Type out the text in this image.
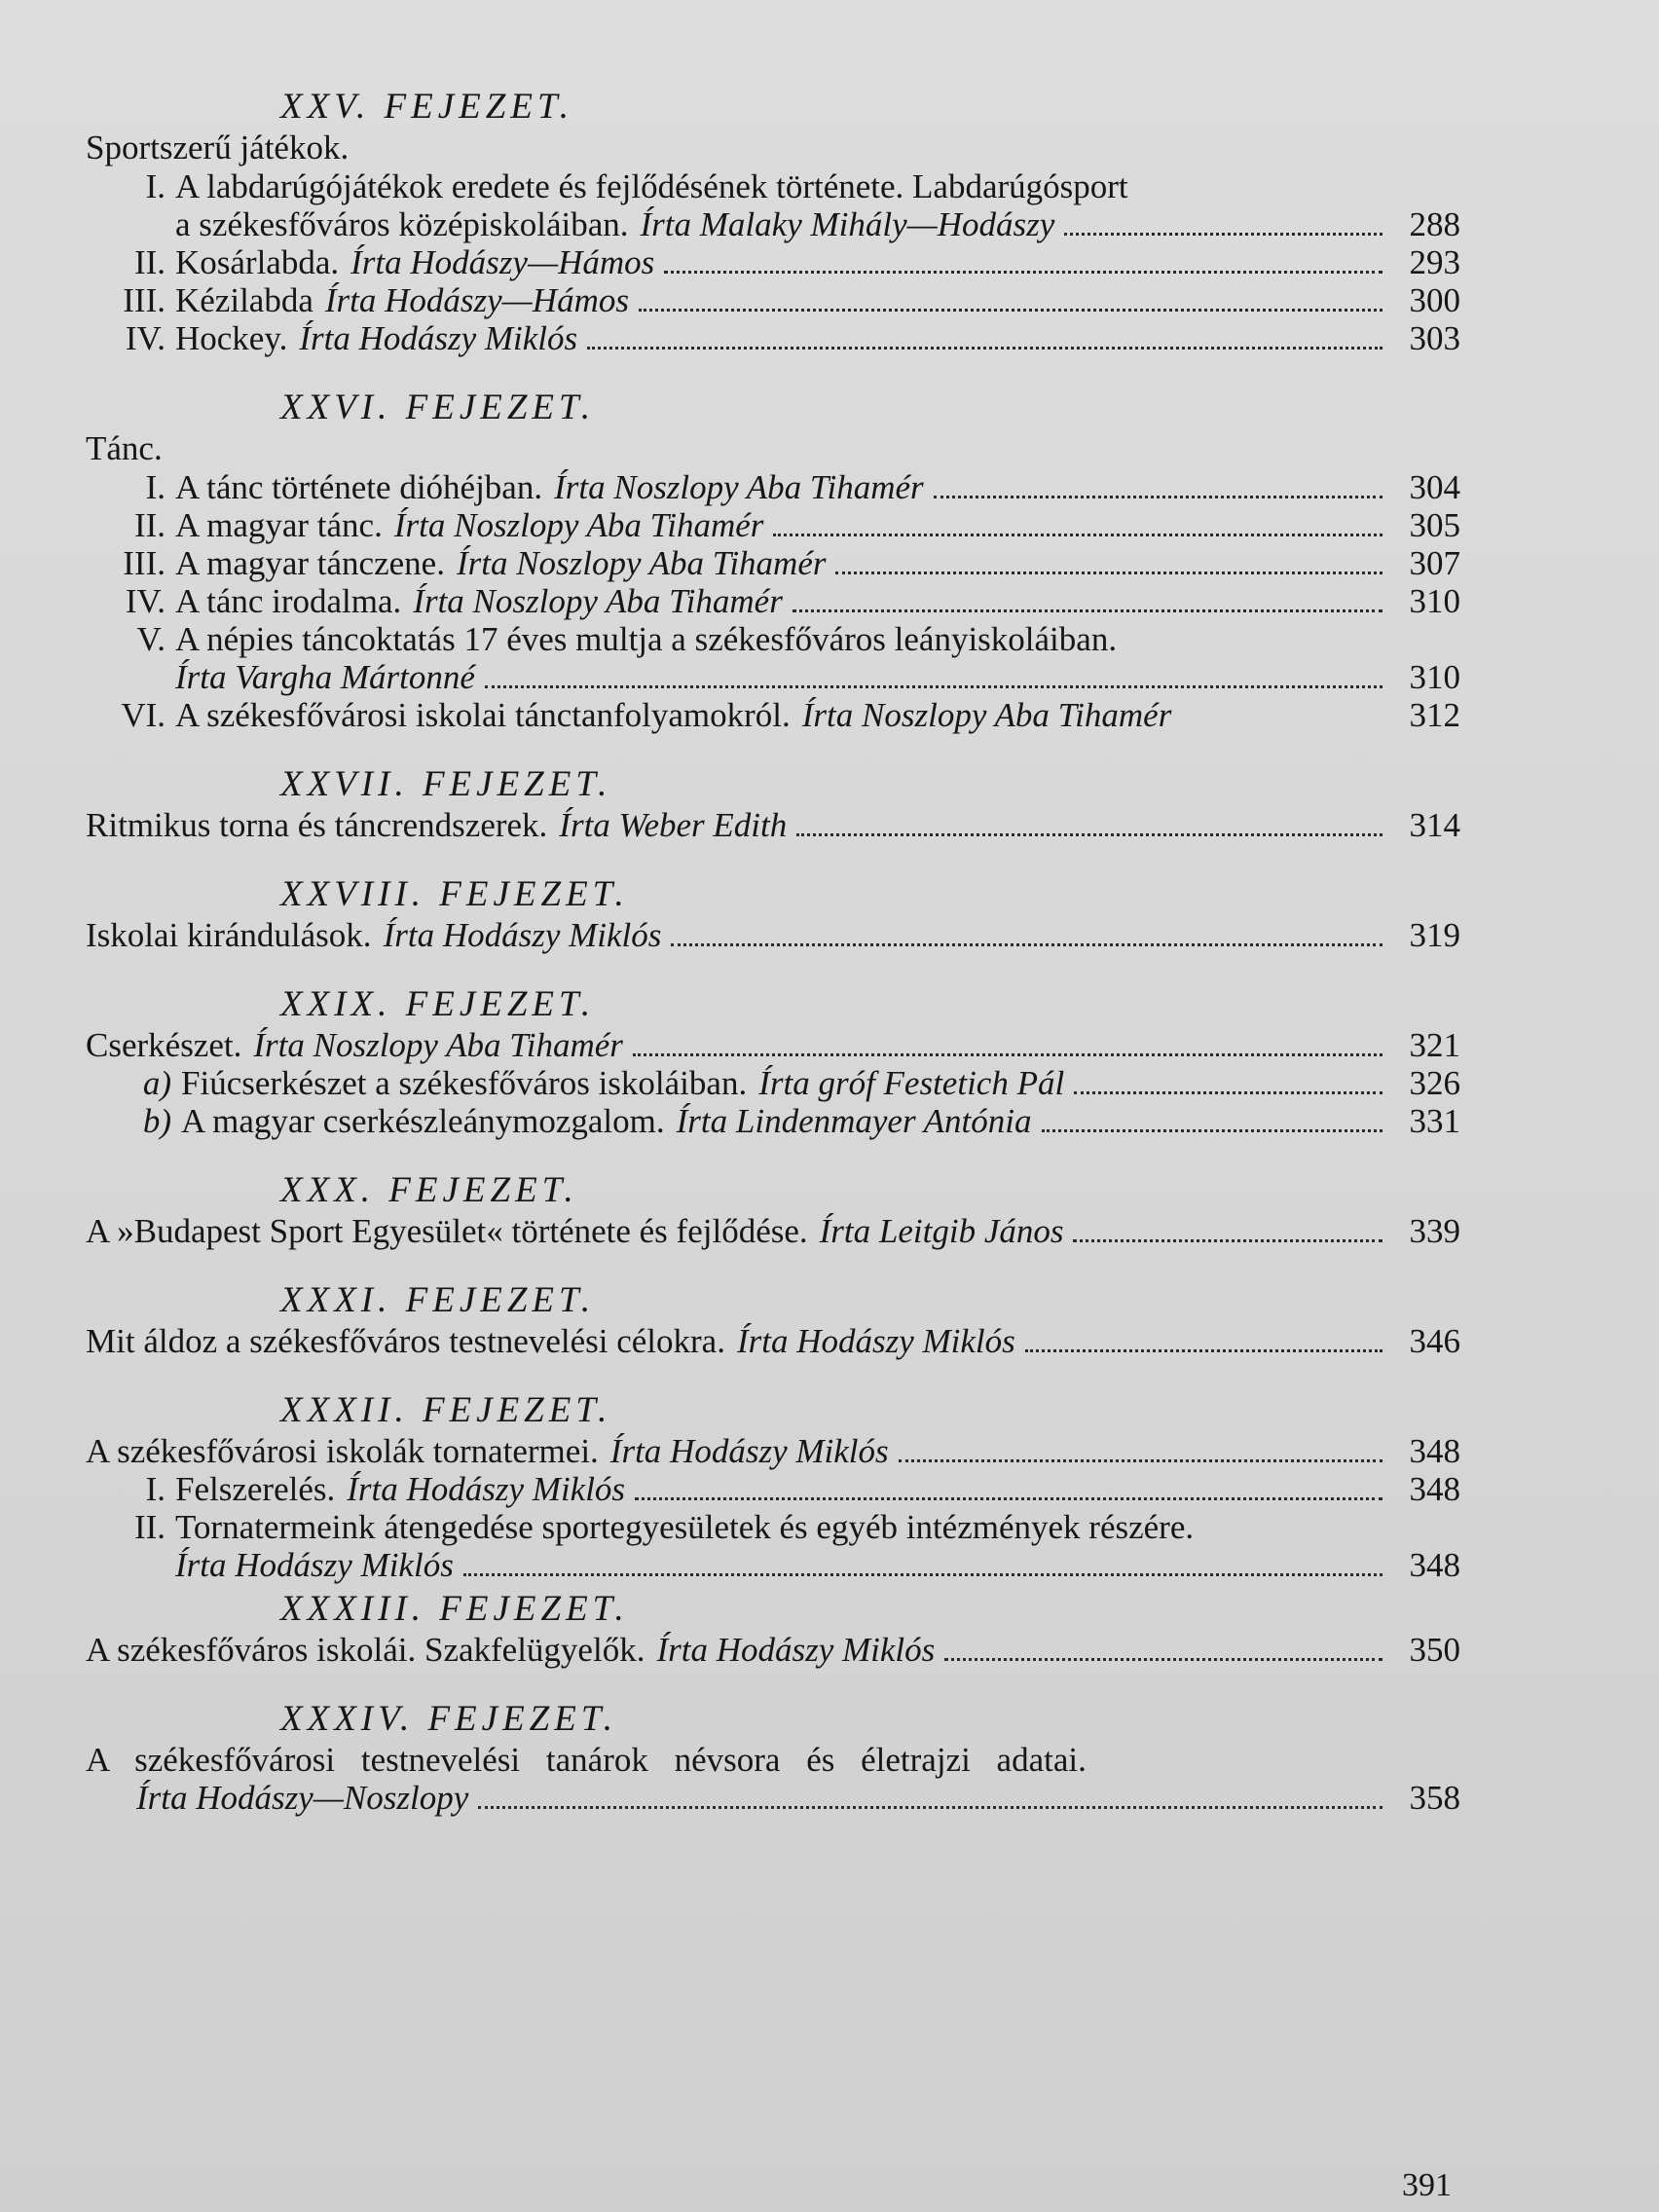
XXV. FEJEZET.
Sportszerű játékok.
I. A labdarúgójátékok eredete és fejlődésének története. Labdarúgósport
a székesfőváros középiskoláiban. Írta Malaky Mihály—Hodászy	288
II. Kosárlabda. Írta Hodászy—Hámos	293
III. Kézilabda Írta Hodászy—Hámos	300
IV. Hockey. Írta Hodászy Miklós	303
XXVI. FEJEZET.
Tánc.
I. A tánc története dióhéjban. Írta Noszlopy Aba Tihamér	304
II. A magyar tánc. Írta Noszlopy Aba Tihamér	305
III. A magyar tánczene. Írta Noszlopy Aba Tihamér	307
IV. A tánc irodalma. Írta Noszlopy Aba Tihamér	310
V. A népies táncoktatás 17 éves multja a székesfőváros leányiskoláiban.
Írta Vargha Mártonné	310
VI. A székesfővárosi iskolai tánctanfolyamokról. Írta Noszlopy Aba Tihamér	312
XXVII. FEJEZET.
Ritmikus torna és táncrendszerek. Írta Weber Edith	314
XXVIII. FEJEZET.
Iskolai kirándulások. Írta Hodászy Miklós	319
XXIX. FEJEZET.
Cserkészet. Írta Noszlopy Aba Tihamér	321
a) Fiúcserkészet a székesfőváros iskoláiban. Írta gróf Festetich Pál	326
b) A magyar cserkészleánymozgalom. Írta Lindenmayer Antónia	331
XXX. FEJEZET.
A »Budapest Sport Egyesület« története és fejlődése. Írta Leitgib János	339
XXXI. FEJEZET.
Mit áldoz a székesfőváros testnevelési célokra. Írta Hodászy Miklós	346
XXXII. FEJEZET.
A székesfővárosi iskolák tornatermei. Írta Hodászy Miklós	348
I. Felszerelés. Írta Hodászy Miklós	348
II. Tornatermeink átengedése sportegyesületek és egyéb intézmények részére.
Írta Hodászy Miklós	348
XXXIII. FEJEZET.
A székesfőváros iskolái. Szakfelügyelők. Írta Hodászy Miklós	350
XXXIV. FEJEZET.
A székesfővárosi testnevelési tanárok névsora és életrajzi adatai.
Írta Hodászy—Noszlopy	358
391
